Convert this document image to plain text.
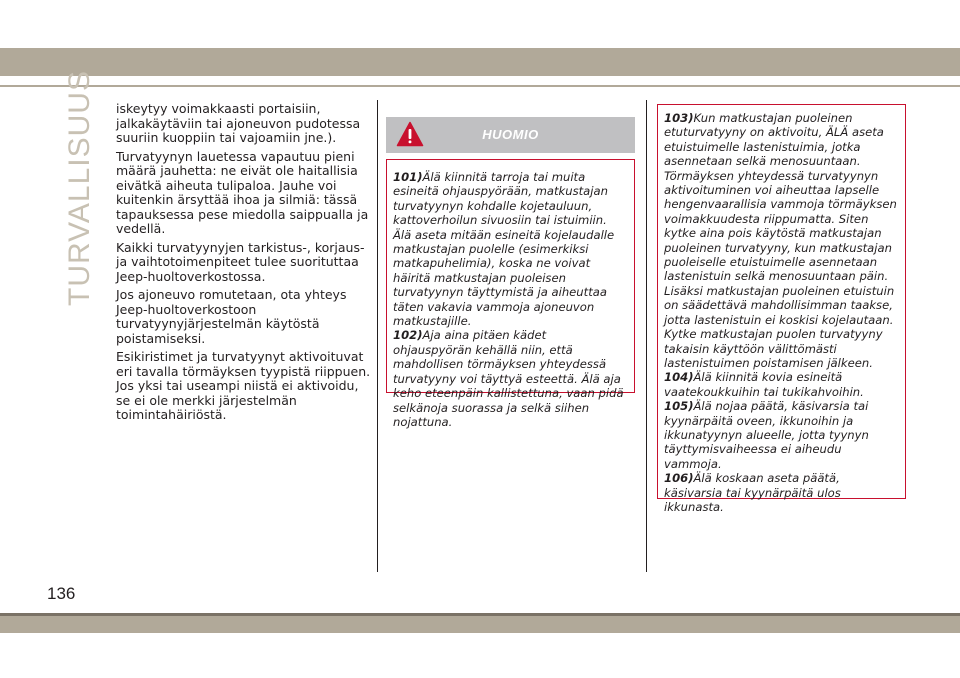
TURVALLISUUS iskeytyy voimakkaasti portaisiin, jalkakäytäviin tai ajoneuvon pudotessa suuriin kuoppiin tai vajoamiin jne.).

Turvatyynyn lauetessa vapautuu pieni määrä jauhetta: ne eivät ole haitallisia eivätkä aiheuta tulipaloa. Jauhe voi kuitenkin ärsyttää ihoa ja silmiä: tässä tapauksessa pese miedolla saippualla ja vedellä.

Kaikki turvatyynyjen tarkistus-, korjaus- ja vaihtotoimenpiteet tulee suorituttaa Jeep-huoltoverkostossa.

Jos ajoneuvo romutetaan, ota yhteys Jeep-huoltoverkostoon turvatyynyjärjestelmän käytöstä poistamiseksi.

Esikiristimet ja turvatyynyt aktivoituvat eri tavalla törmäyksen tyypistä riippuen. Jos yksi tai useampi niistä ei aktivoidu, se ei ole merkki järjestelmän toimintahäiriöstä.

HUOMIO
101)Älä kiinnitä tarroja tai muita esineitä ohjauspyörään, matkustajan turvatyynyn kohdalle kojetauluun, kattoverhoilun sivuosiin tai istuimiin. Älä aseta mitään esineitä kojelaudalle matkustajan puolelle (esimerkiksi matkapuhelimia), koska ne voivat häiritä matkustajan puoleisen turvatyynyn täyttymistä ja aiheuttaa täten vakavia vammoja ajoneuvon matkustajille.
102)Aja aina pitäen kädet ohjauspyörän kehällä niin, että mahdollisen törmäyksen yhteydessä turvatyyny voi täyttyä esteettä. Älä aja keho eteenpäin kallistettuna, vaan pidä selkänoja suorassa ja selkä siihen nojattuna.
103)Kun matkustajan puoleinen etuturvatyyny on aktivoitu, ÄLÄ aseta etuistuimelle lastenistuimia, jotka asennetaan selkä menosuuntaan. Törmäyksen yhteydessä turvatyynyn aktivoituminen voi aiheuttaa lapselle hengenvaarallisia vammoja törmäyksen voimakkuudesta riippumatta. Siten kytke aina pois käytöstä matkustajan puoleinen turvatyyny, kun matkustajan puoleiselle etuistuimelle asennetaan lastenistuin selkä menosuuntaan päin. Lisäksi matkustajan puoleinen etuistuin on säädettävä mahdollisimman taakse, jotta lastenistuin ei koskisi kojelautaan. Kytke matkustajan puolen turvatyyny takaisin käyttöön välittömästi lastenistuimen poistamisen jälkeen.
104)Älä kiinnitä kovia esineitä vaatekoukkuihin tai tukikahvoihin.
105)Älä nojaa päätä, käsivarsia tai kyynärpäitä oveen, ikkunoihin ja ikkunatyynyn alueelle, jotta tyynyn täyttymisvaiheessa ei aiheudu vammoja.
106)Älä koskaan aseta päätä, käsivarsia tai kyynärpäitä ulos ikkunasta.
136
